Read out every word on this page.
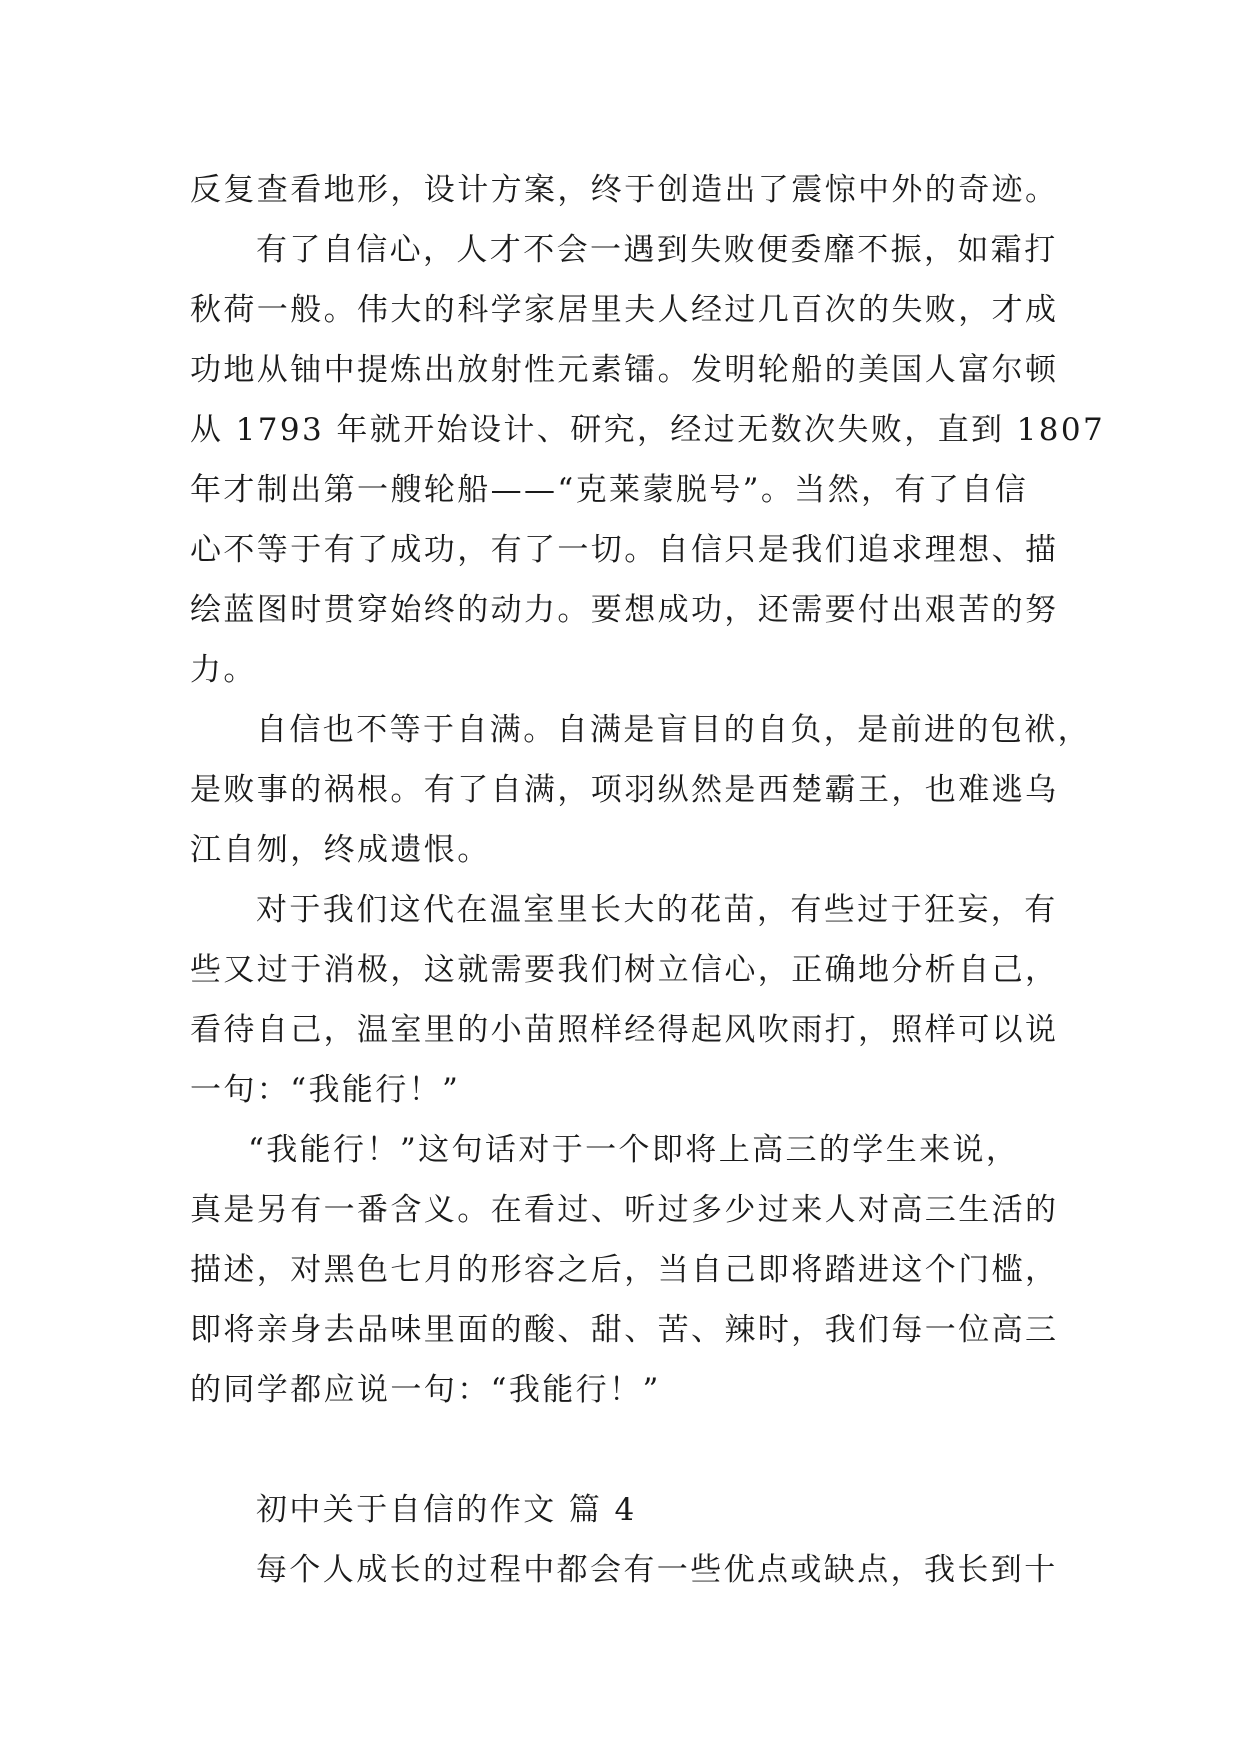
反复查看地形，设计方案，终于创造出了震惊中外的奇迹。
有了自信心，人才不会一遇到失败便委靡不振，如霜打
秋荷一般。伟大的科学家居里夫人经过几百次的失败，才成
功地从铀中提炼出放射性元素镭。发明轮船的美国人富尔顿
从 1793 年就开始设计、研究，经过无数次失败，直到 1807
年才制出第一艘轮船——“克莱蒙脱号”。当然，有了自信
心不等于有了成功，有了一切。自信只是我们追求理想、描
绘蓝图时贯穿始终的动力。要想成功，还需要付出艰苦的努
力。
自信也不等于自满。自满是盲目的自负，是前进的包袱，
是败事的祸根。有了自满，项羽纵然是西楚霸王，也难逃乌
江自刎，终成遗恨。
对于我们这代在温室里长大的花苗，有些过于狂妄，有
些又过于消极，这就需要我们树立信心，正确地分析自己，
看待自己，温室里的小苗照样经得起风吹雨打，照样可以说
一句：“我能行！”
“我能行！”这句话对于一个即将上高三的学生来说，
真是另有一番含义。在看过、听过多少过来人对高三生活的
描述，对黑色七月的形容之后，当自己即将踏进这个门槛，
即将亲身去品味里面的酸、甜、苦、辣时，我们每一位高三
的同学都应说一句：“我能行！”
初中关于自信的作文 篇 4
每个人成长的过程中都会有一些优点或缺点，我长到十
